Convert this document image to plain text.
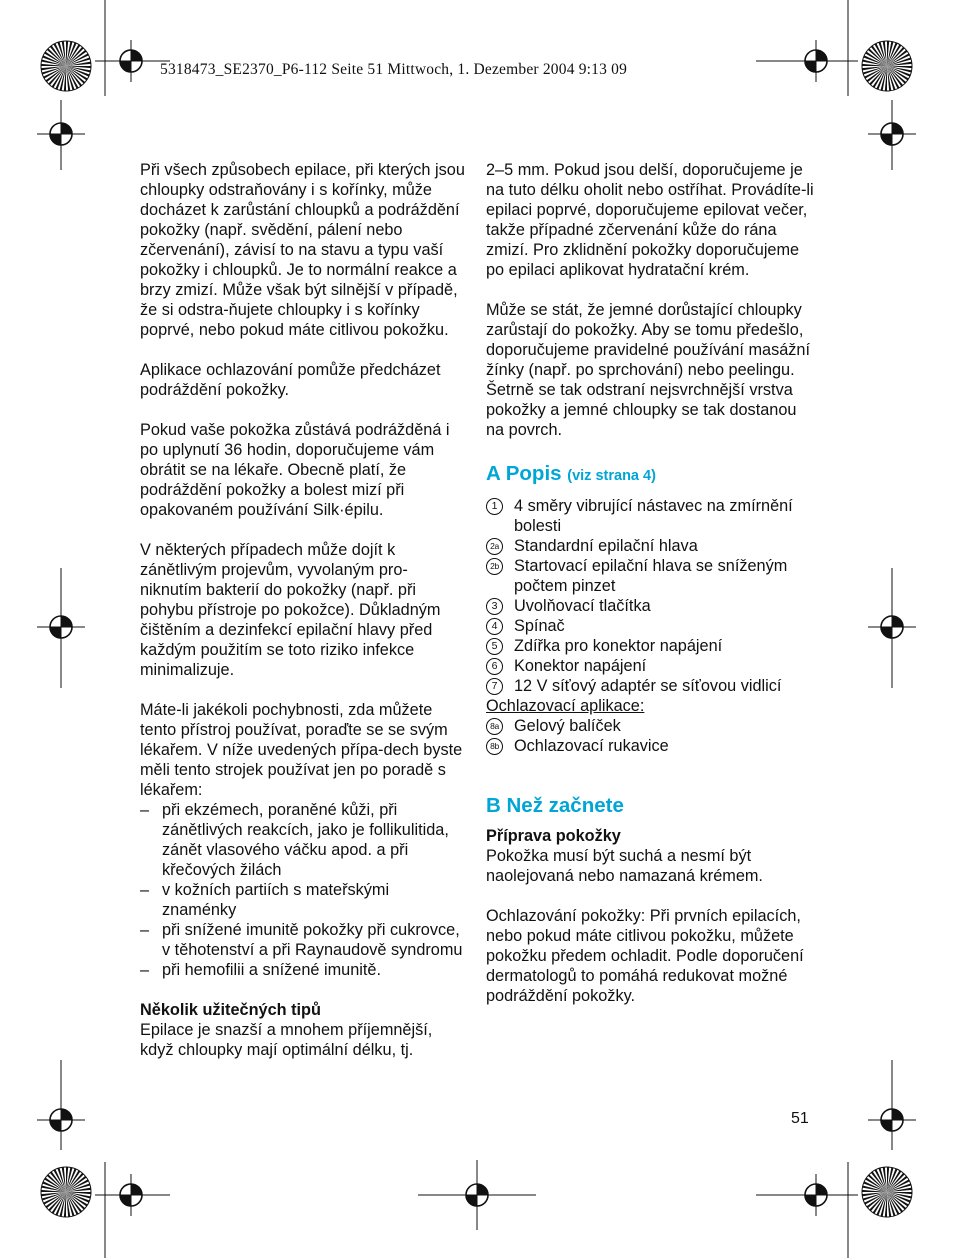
5318473_SE2370_P6-112 Seite 51 Mittwoch, 1. Dezember 2004 9:13 09

Při všech způsobech epilace, při kterých jsou chloupky odstraňovány i s kořínky, může docházet k zarůstání chloupků a podráždění pokožky (např. svědění, pálení nebo zčervenání), závisí to na stavu a typu vaší pokožky i chloupků. Je to normální reakce a brzy zmizí. Může však být silnější v případě, že si odstra-ňujete chloupky i s kořínky poprvé, nebo pokud máte citlivou pokožku.

Aplikace ochlazování pomůže předcházet podráždění pokožky.

Pokud vaše pokožka zůstává podrážděná i po uplynutí 36 hodin, doporučujeme vám obrátit se na lékaře. Obecně platí, že podráždění pokožky a bolest mizí při opakovaném používání Silk·épilu.

V některých případech může dojít k zánětlivým projevům, vyvolaným pro-niknutím bakterií do pokožky (např. při pohybu přístroje po pokožce). Důkladným čištěním a dezinfekcí epilační hlavy před každým použitím se toto riziko infekce minimalizuje.

Máte-li jakékoli pochybnosti, zda můžete tento přístroj používat, poraďte se se svým lékařem. V níže uvedených přípa-dech byste měli tento strojek používat jen po poradě s lékařem:

– při ekzémech, poraněné kůži, při zánětlivých reakcích, jako je follikulitida, zánět vlasového váčku apod. a při křečových žilách
– v kožních partiích s mateřskými znaménky
– při snížené imunitě pokožky při cukrovce, v těhotenství a při Raynaudově syndromu
– při hemofilii a snížené imunitě.
Několik užitečných tipů

Epilace je snazší a mnohem příjemnější, když chloupky mají optimální délku, tj.

2–5 mm. Pokud jsou delší, doporučujeme je na tuto délku oholit nebo ostříhat. Provádíte-li epilaci poprvé, doporučujeme epilovat večer, takže případné zčervenání kůže do rána zmizí. Pro zklidnění pokožky doporučujeme po epilaci aplikovat hydratační krém.

Může se stát, že jemné dorůstající chloupky zarůstají do pokožky. Aby se tomu předešlo, doporučujeme pravidelné používání masážní žínky (např. po sprchování) nebo peelingu. Šetrně se tak odstraní nejsvrchnější vrstva pokožky a jemné chloupky se tak dostanou na povrch.

A Popis (viz strana 4)
1	4 směry vibrující nástavec na zmírnění bolesti
2a Standardní epilační hlava
2b Startovací epilační hlava se sníženým počtem pinzet
3	Uvolňovací tlačítka
4	Spínač
5	Zdířka pro konektor napájení
6	Konektor napájení
7	12 V síťový adaptér se síťovou vidlicí
Ochlazovací aplikace:
8a Gelový balíček
8b Ochlazovací rukavice
B Než začnete
Příprava pokožky

Pokožka musí být suchá a nesmí být naolejovaná nebo namazaná krémem.

Ochlazování pokožky: Při prvních epilacích, nebo pokud máte citlivou pokožku, můžete pokožku předem ochladit. Podle doporučení dermatologů to pomáhá redukovat možné podráždění pokožky.

51
